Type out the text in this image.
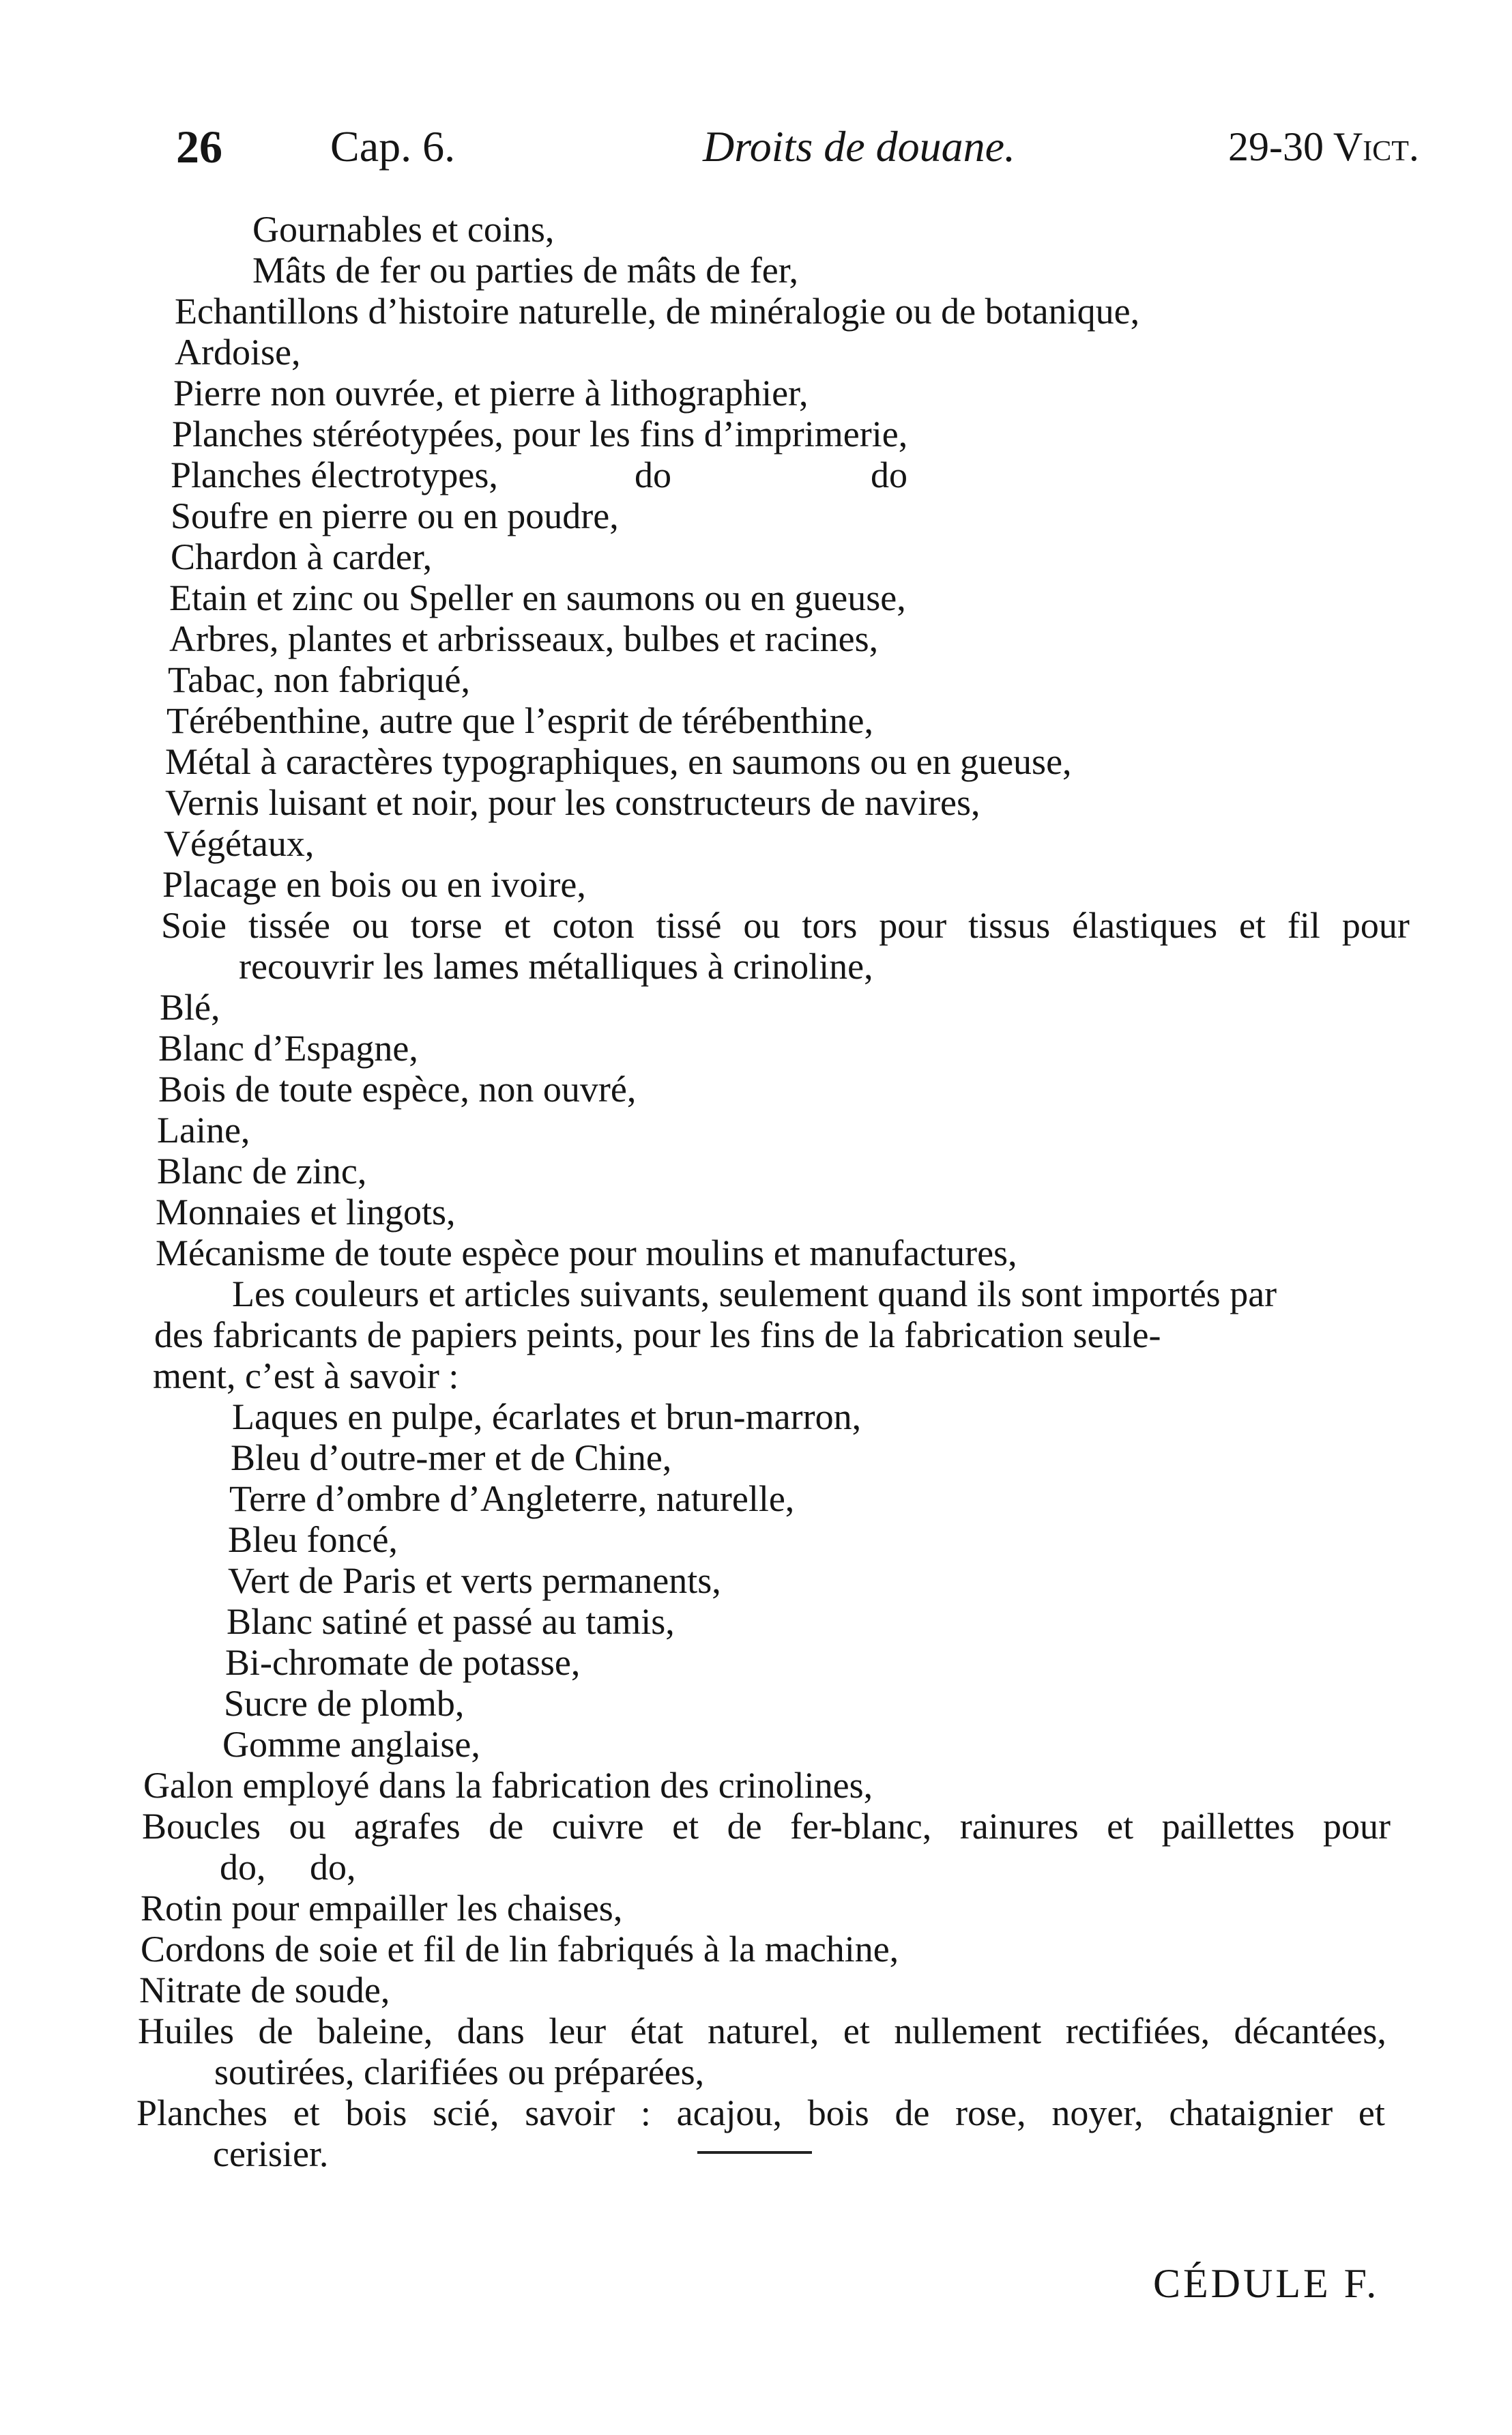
26 Cap. 6.	Droits de douane.	29-30 Vict.
Gournables et coins,
Mâts de fer ou parties de mâts de fer,
Echantillons d’histoire naturelle, de minéralogie ou de botanique,
Ardoise,
Pierre non ouvrée, et pierre à lithographier,
Planches stéréotypées, pour les fins d’imprimerie,
Planches électrotypes,	do	do
Soufre en pierre ou en poudre,
Chardon à carder,
Etain et zinc ou Speller en saumons ou en gueuse,
Arbres, plantes et arbrisseaux, bulbes et racines,
Tabac, non fabriqué,
Térébenthine, autre que l’esprit de térébenthine,
Métal à caractères typographiques, en saumons ou en gueuse,
Vernis luisant et noir, pour les constructeurs de navires,
Végétaux,
Placage en bois ou en ivoire,
Soie tissée ou torse et coton tissé ou tors pour tissus élastiques et fil pour
recouvrir les lames métalliques à crinoline,
Blé,
Blanc d’Espagne,
Bois de toute espèce, non ouvré,
Laine,
Blanc de zinc,
Monnaies et lingots,
Mécanisme de toute espèce pour moulins et manufactures,
Les couleurs et articles suivants, seulement quand ils sont importés par
des fabricants de papiers peints, pour les fins de la fabrication seule-
ment, c’est à savoir :
Laques en pulpe, écarlates et brun-marron,
Bleu d’outre-mer et de Chine,
Terre d’ombre d’Angleterre, naturelle,
Bleu foncé,
Vert de Paris et verts permanents,
Blanc satiné et passé au tamis,
Bi-chromate de potasse,
Sucre de plomb,
Gomme anglaise,
Galon employé dans la fabrication des crinolines,
Boucles ou agrafes de cuivre et de fer-blanc, rainures et paillettes pour
do, do,
Rotin pour empailler les chaises,
Cordons de soie et fil de lin fabriqués à la machine,
Nitrate de soude,
Huiles de baleine, dans leur état naturel, et nullement rectifiées, décantées,
soutirées, clarifiées ou préparées,
Planches et bois scié, savoir : acajou, bois de rose, noyer, chataignier et
cerisier.
CÉDULE F.
